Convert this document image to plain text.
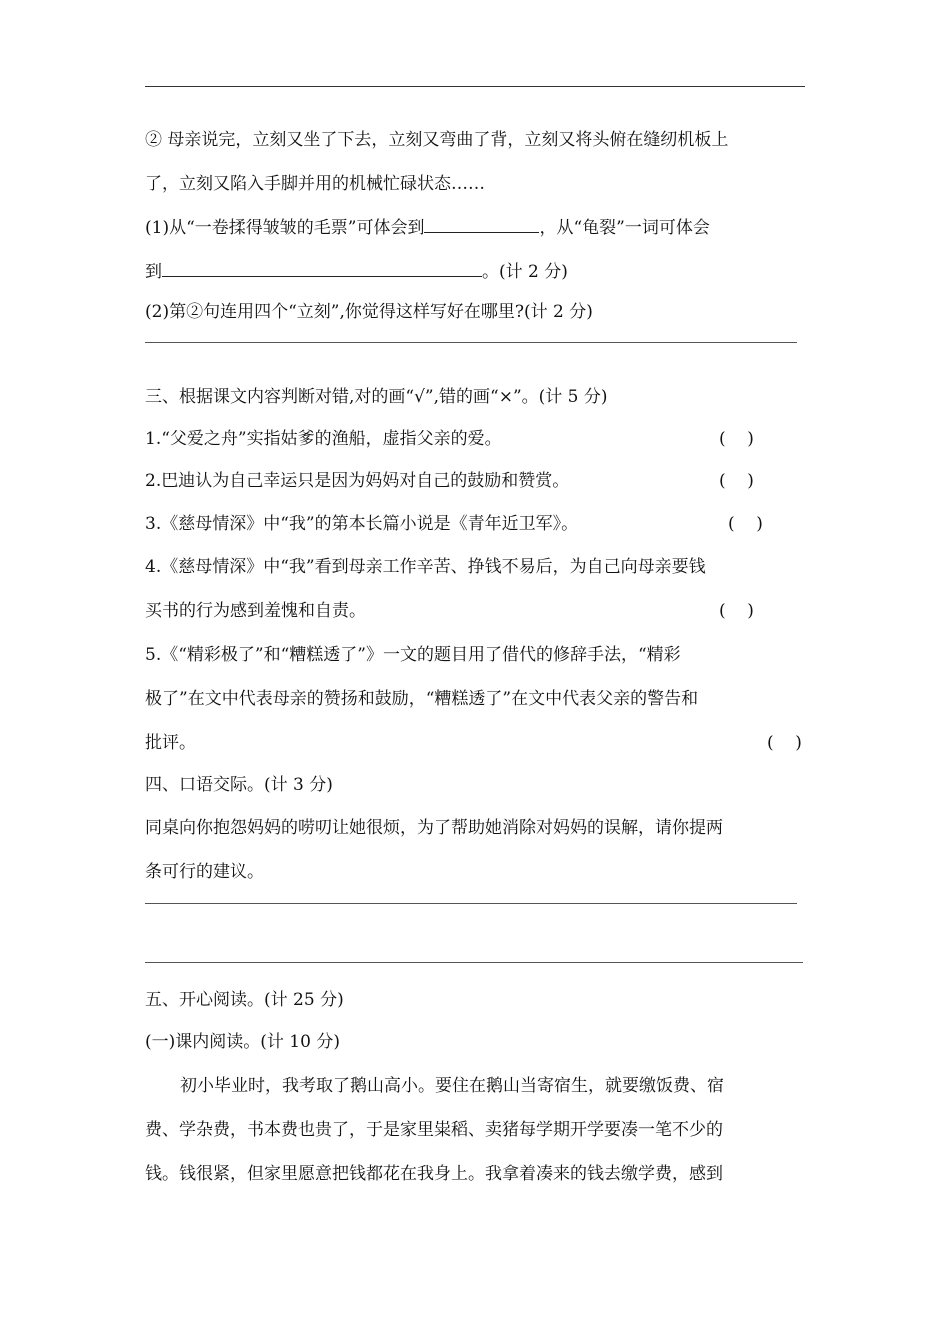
② 母亲说完，立刻又坐了下去，立刻又弯曲了背，立刻又将头俯在缝纫机板上
了，立刻又陷入手脚并用的机械忙碌状态……
(1)从“一卷揉得皱皱的毛票”可体会到	，从“龟裂”一词可体会
到	。(计 2 分)
(2)第②句连用四个“立刻”,你觉得这样写好在哪里?(计 2 分)
三、根据课文内容判断对错,对的画“√”,错的画“×”。(计 5 分)
1.“父爱之舟”实指姑爹的渔船，虚指父亲的爱。	(    )
2.巴迪认为自己幸运只是因为妈妈对自己的鼓励和赞赏。	(    )
3.《慈母情深》中“我”的第本长篇小说是《青年近卫军》。	(    )
4.《慈母情深》中“我”看到母亲工作辛苦、挣钱不易后，为自己向母亲要钱
买书的行为感到羞愧和自责。	(    )
5.《“精彩极了”和“糟糕透了”》一文的题目用了借代的修辞手法，“精彩
极了”在文中代表母亲的赞扬和鼓励，“糟糕透了”在文中代表父亲的警告和
批评。	(    )
四、口语交际。(计 3 分)
同桌向你抱怨妈妈的唠叨让她很烦，为了帮助她消除对妈妈的误解，请你提两
条可行的建议。
五、开心阅读。(计 25 分)
(一)课内阅读。(计 10 分)
初小毕业时，我考取了鹅山高小。要住在鹅山当寄宿生，就要缴饭费、宿
费、学杂费，书本费也贵了，于是家里粜稻、卖猪每学期开学要凑一笔不少的
钱。钱很紧，但家里愿意把钱都花在我身上。我拿着凑来的钱去缴学费，感到
